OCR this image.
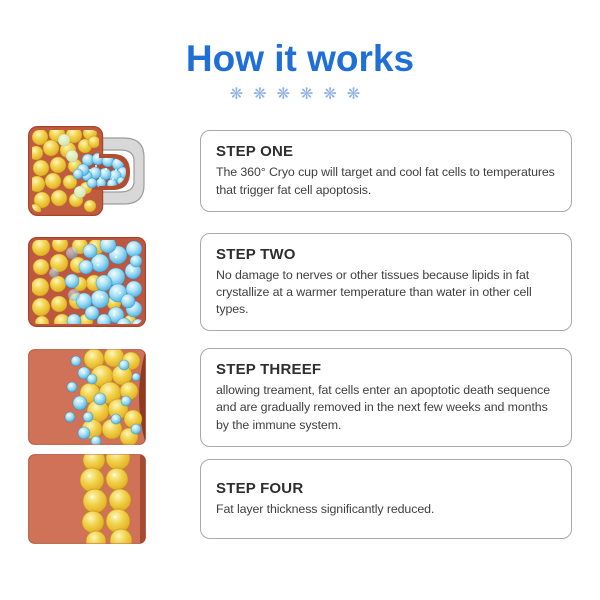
How it works
❋❋❋❋❋❋
STEP ONE
The 360° Cryo cup will target and cool fat cells to temperatures that trigger fat cell apoptosis.
STEP TWO
No damage to nerves or other tissues because lipids in fat crystallize at a warmer temperature than water in other cell types.
STEP THREEF
allowing treament, fat cells enter an apoptotic death sequence and are gradually removed in the next few weeks and months by the immune system.
STEP FOUR
Fat layer thickness significantly reduced.
